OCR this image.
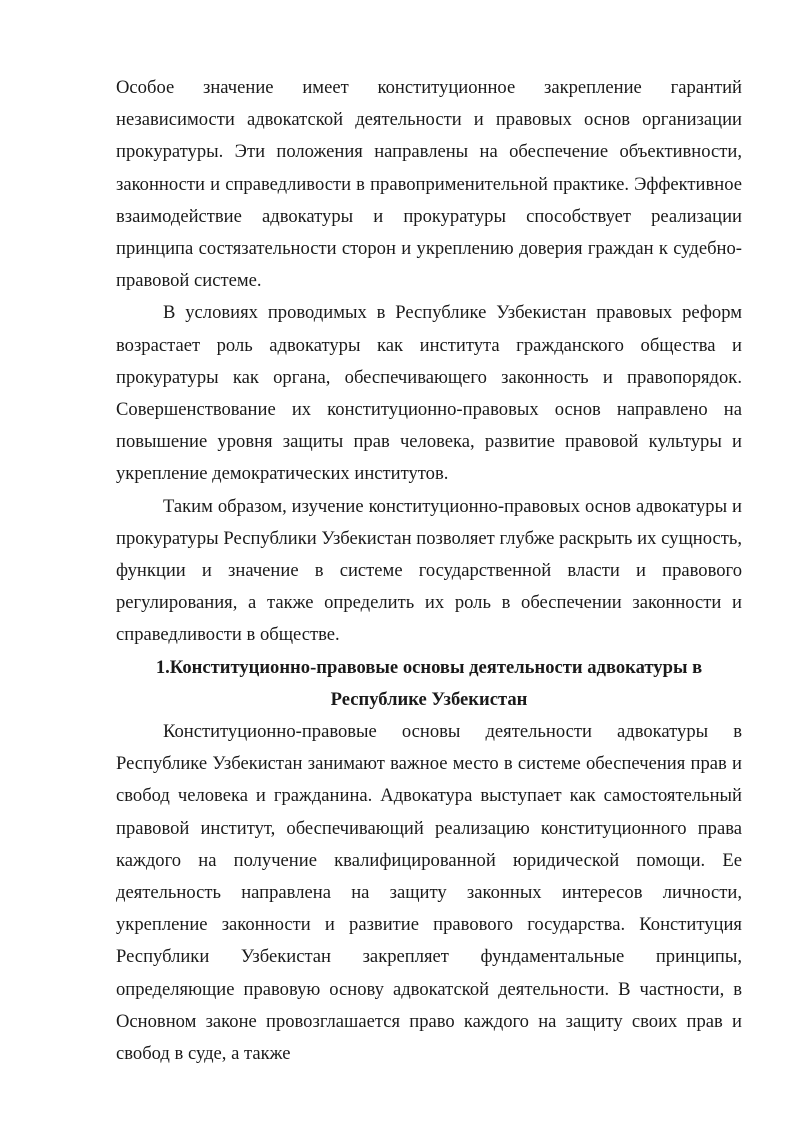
Особое значение имеет конституционное закрепление гарантий независимости адвокатской деятельности и правовых основ организации прокуратуры. Эти положения направлены на обеспечение объективности, законности и справедливости в правоприменительной практике. Эффективное взаимодействие адвокатуры и прокуратуры способствует реализации принципа состязательности сторон и укреплению доверия граждан к судебно-правовой системе.

В условиях проводимых в Республике Узбекистан правовых реформ возрастает роль адвокатуры как института гражданского общества и прокуратуры как органа, обеспечивающего законность и правопорядок. Совершенствование их конституционно-правовых основ направлено на повышение уровня защиты прав человека, развитие правовой культуры и укрепление демократических институтов.

Таким образом, изучение конституционно-правовых основ адвокатуры и прокуратуры Республики Узбекистан позволяет глубже раскрыть их сущность, функции и значение в системе государственной власти и правового регулирования, а также определить их роль в обеспечении законности и справедливости в обществе.

1.Конституционно-правовые основы деятельности адвокатуры в
Республике Узбекистан

Конституционно-правовые основы деятельности адвокатуры в Республике Узбекистан занимают важное место в системе обеспечения прав и свобод человека и гражданина. Адвокатура выступает как самостоятельный правовой институт, обеспечивающий реализацию конституционного права каждого на получение квалифицированной юридической помощи. Ее деятельность направлена на защиту законных интересов личности, укрепление законности и развитие правового государства. Конституция Республики Узбекистан закрепляет фундаментальные принципы, определяющие правовую основу адвокатской деятельности. В частности, в Основном законе провозглашается право каждого на защиту своих прав и свобод в суде, а также
